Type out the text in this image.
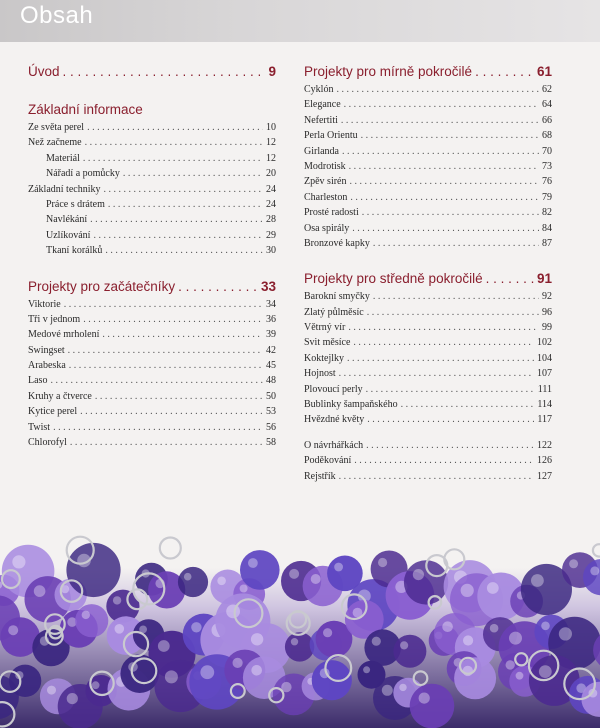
Obsah
Úvod . . .	9
Základní informace
Ze světa perel . . .	10
Než začneme . . .	12
Materiál . . .	12
Nářadí a pomůcky . . .	20
Základní techniky . . .	24
Práce s drátem . . .	24
Navlékání . . .	28
Uzlíkování . . .	29
Tkaní korálků . . .	30
Projekty pro začátečníky . . .	33
Viktorie . . .	34
Tři v jednom . . .	36
Medové mrholení . . .	39
Swingset . . .	42
Arabeska . . .	45
Laso . . .	48
Kruhy a čtverce . . .	50
Kytice perel . . .	53
Twist . . .	56
Chlorofyl . . .	58
Projekty pro mírně pokročilé . . .	61
Cyklón . . .	62
Elegance . . .	64
Nefertiti . . .	66
Perla Orientu . . .	68
Girlanda . . .	70
Modrotisk . . .	73
Zpěv sirén . . .	76
Charleston . . .	79
Prosté radosti . . .	82
Osa spirály . . .	84
Bronzové kapky . . .	87
Projekty pro středně pokročilé . . .	91
Barokní smyčky . . .	92
Zlatý půlměsíc . . .	96
Větrný vír . . .	99
Svit měsíce . . .	102
Koktejlky . . .	104
Hojnost . . .	107
Plovoucí perly . . .	111
Bublinky šampaňského . . .	114
Hvězdné květy . . .	117
O návrhářkách . . .	122
Poděkování . . .	126
Rejstřík . . .	127
